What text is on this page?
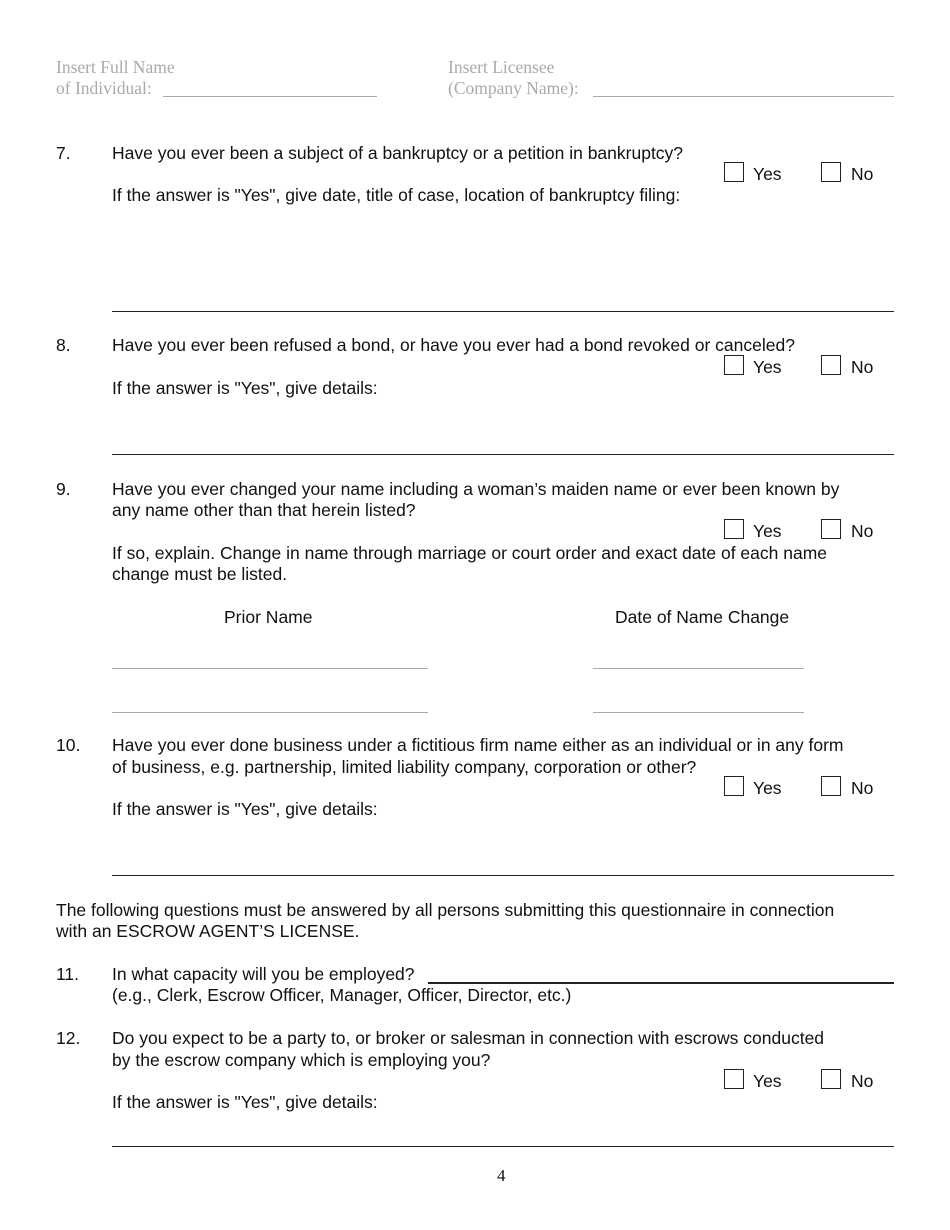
Insert Full Name
of Individual:
Insert Licensee
(Company Name):
7. Have you ever been a subject of a bankruptcy or a petition in bankruptcy?
Yes	No
If the answer is "Yes", give date, title of case, location of bankruptcy filing:
8. Have you ever been refused a bond, or have you ever had a bond revoked or canceled?
Yes	No
If the answer is "Yes", give details:
9. Have you ever changed your name including a woman’s maiden name or ever been known by
any name other than that herein listed?
Yes	No
If so, explain. Change in name through marriage or court order and exact date of each name
change must be listed.
Prior Name	Date of Name Change
10. Have you ever done business under a fictitious firm name either as an individual or in any form
of business, e.g. partnership, limited liability company, corporation or other?
Yes	No
If the answer is "Yes", give details:
The following questions must be answered by all persons submitting this questionnaire in connection
with an ESCROW AGENT’S LICENSE.
11. In what capacity will you be employed?
(e.g., Clerk, Escrow Officer, Manager, Officer, Director, etc.)
12. Do you expect to be a party to, or broker or salesman in connection with escrows conducted
by the escrow company which is employing you?
Yes	No
If the answer is "Yes", give details:
4
